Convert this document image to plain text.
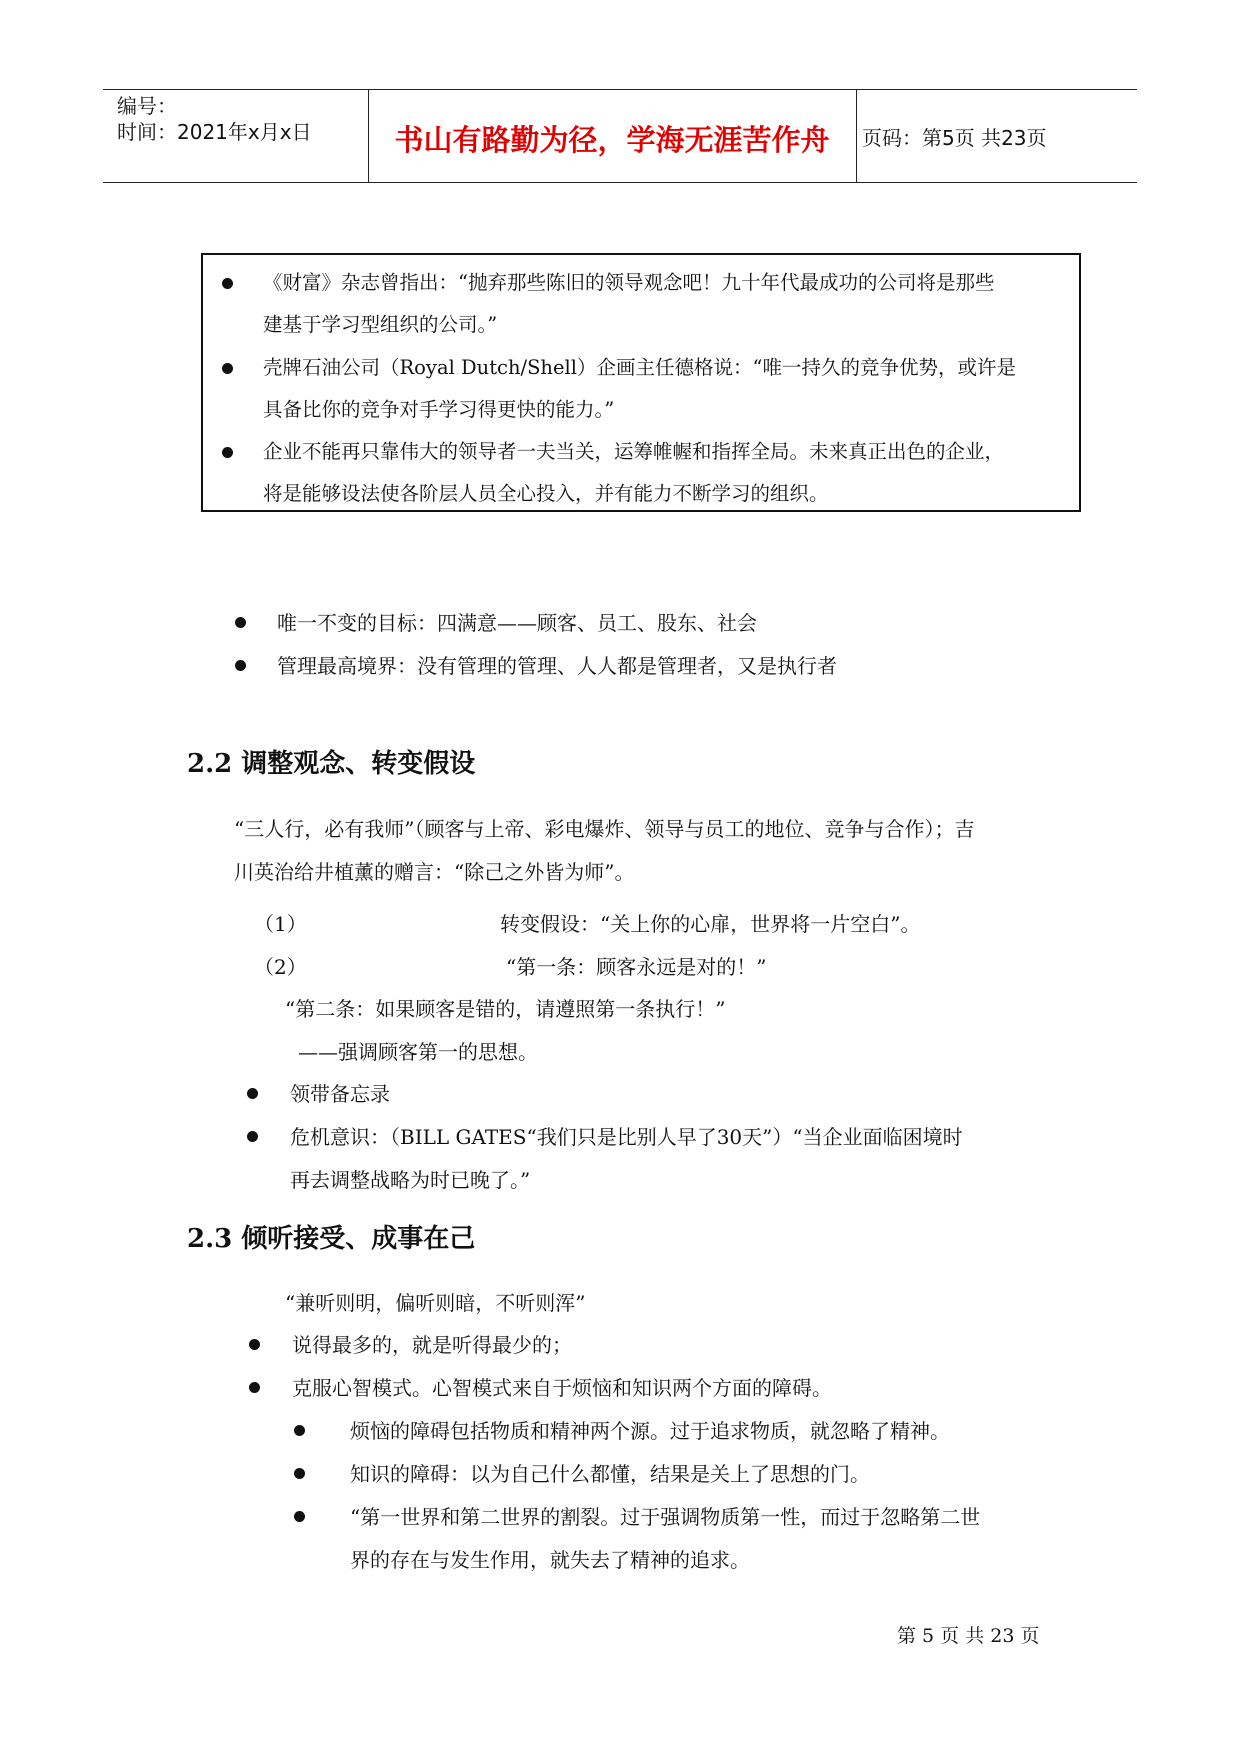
编号：
时间：2021年x月x日	书山有路勤为径，学海无涯苦作舟	页码：第5页 共23页
《财富》杂志曾指出：“抛弃那些陈旧的领导观念吧！九十年代最成功的公司将是那些
建基于学习型组织的公司。”
壳牌石油公司（Royal Dutch/Shell）企画主任德格说：“唯一持久的竞争优势，或许是
具备比你的竞争对手学习得更快的能力。”
企业不能再只靠伟大的领导者一夫当关，运筹帷幄和指挥全局。未来真正出色的企业，
将是能够设法使各阶层人员全心投入，并有能力不断学习的组织。
唯一不变的目标：四满意——顾客、员工、股东、社会
管理最高境界：没有管理的管理、人人都是管理者，又是执行者
2.2 调整观念、转变假设
“三人行，必有我师”（顾客与上帝、彩电爆炸、领导与员工的地位、竞争与合作）；吉
川英治给井植薰的赠言：“除己之外皆为师”。
（1）	转变假设：“关上你的心扉，世界将一片空白”。
（2）	“第一条：顾客永远是对的！”
“第二条：如果顾客是错的，请遵照第一条执行！”
——强调顾客第一的思想。
领带备忘录
危机意识：（BILL GATES“我们只是比别人早了30天”）“当企业面临困境时
再去调整战略为时已晚了。”
2.3 倾听接受、成事在己
“兼听则明，偏听则暗，不听则浑”
说得最多的，就是听得最少的；
克服心智模式。心智模式来自于烦恼和知识两个方面的障碍。
烦恼的障碍包括物质和精神两个源。过于追求物质，就忽略了精神。
知识的障碍：以为自己什么都懂，结果是关上了思想的门。
“第一世界和第二世界的割裂。过于强调物质第一性，而过于忽略第二世
界的存在与发生作用，就失去了精神的追求。
第 5 页 共 23 页
